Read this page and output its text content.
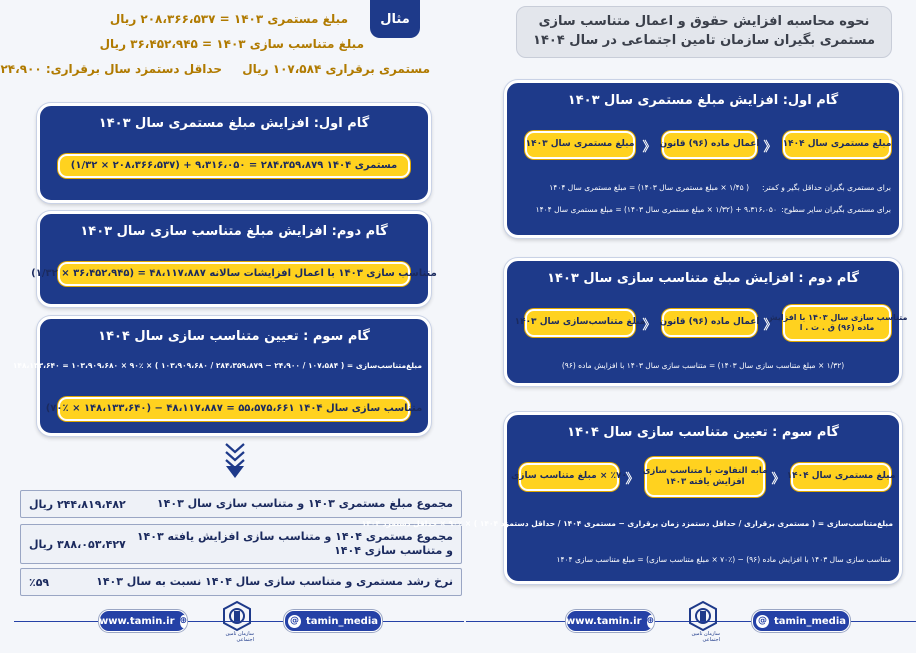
مثال
مبلغ مستمری ۱۴۰۳ = ۲۰۸،۳۶۶،۵۳۷ ریال
مبلغ متناسب سازی ۱۴۰۳ = ۳۶،۴۵۲،۹۴۵ ریال
مستمری برقراری ۱۰۷،۵۸۴ ریال
حداقل دستمزد سال برقراری: ۲۴،۹۰۰
گام اول: افزایش مبلغ مستمری سال ۱۴۰۳
مستمری ۱۴۰۴ ۲۸۴،۳۵۹،۸۷۹ = ۹،۳۱۶،۰۵۰ + (۲۰۸،۳۶۶،۵۳۷ × ۱/۳۲)
گام دوم: افزایش مبلغ متناسب سازی سال ۱۴۰۳
متناسب سازی ۱۴۰۳ با اعمال افزایشات سالانه ۴۸،۱۱۷،۸۸۷ = (۳۶،۴۵۲،۹۴۵ × ۱/۳۲)
گام سوم : تعیین متناسب سازی سال ۱۴۰۴
مبلغ‌متناسب‌سازی = ( ۱۰۷،۵۸۴ / ۲۴،۹۰۰ − ۲۸۴،۳۵۹،۸۷۹ / ۱۰۳،۹۰۹،۶۸۰ ) × ٪۹۰ × ۱۰۳،۹۰۹،۶۸۰ = ۱۴۸،۱۳۳،۶۴۰
متناسب سازی سال ۱۴۰۴ ۵۵،۵۷۵،۶۶۱ = ۴۸،۱۱۷،۸۸۷ − (۱۴۸،۱۳۳،۶۴۰ × ٪۷۰)
مجموع مبلغ مستمری ۱۴۰۳ و متناسب سازی سال ۱۴۰۳
۲۴۴،۸۱۹،۴۸۲ ریال
مجموع مستمری ۱۴۰۴ و متناسب سازی افزایش یافته ۱۴۰۳
و متناسب سازی ۱۴۰۴
۳۸۸،۰۵۳،۴۲۷ ریال
نرخ رشد مستمری و متناسب سازی سال ۱۴۰۴ نسبت به سال ۱۴۰۳
٪۵۹
www.tamin.ir ⊕
سازمان تامین اجتماعی
@ tamin_media
نحوه محاسبه افزایش حقوق و اعمال متناسب سازی
مستمری بگیران سازمان تامین اجتماعی در سال ۱۴۰۴
گام اول: افزایش مبلغ مستمری سال ۱۴۰۳
مبلغ مستمری سال ۱۴۰۴
《
اعمال ماده (۹۶) قانون
《
مبلغ مستمری سال ۱۴۰۳
برای مستمری بگیران حداقل بگیر و کمتر:
( ۱/۴۵ × مبلغ مستمری سال ۱۴۰۳) = مبلغ مستمری سال ۱۴۰۴
برای مستمری بگیران سایر سطوح:
۹،۳۱۶،۰۵۰ + (۱/۳۲ × مبلغ مستمری سال ۱۴۰۳) = مبلغ مستمری سال ۱۴۰۴
گام دوم : افزایش مبلغ متناسب سازی سال ۱۴۰۳
متناسب سازی سال ۱۴۰۳ با افزایش
ماده (۹۶) ق . ت . ا
《
اعمال ماده (۹۶) قانون
《
مبلغ متناسب‌سازی سال ۱۴۰۳
(۱/۳۲ × مبلغ متناسب سازی سال ۱۴۰۳) = متناسب سازی سال ۱۴۰۳ با افزایش ماده (۹۶)
گام سوم : تعیین متناسب سازی سال ۱۴۰۴
مبلغ مستمری سال ۱۴۰۴
《
مابه التفاوت با متناسب سازی
افزایش یافته ۱۴۰۳
《
٪۷۰ × مبلغ متناسب سازی
مبلغ‌متناسب‌سازی = ( مستمری برقراری / حداقل دستمزد زمان برقراری − مستمری ۱۴۰۴ / حداقل دستمزد ۱۴۰۴ ) × ٪۹۰ × حداقل دستمزد ۱۴۰۴
متناسب سازی سال ۱۴۰۳ با افزایش ماده (۹۶) − (٪۷۰ × مبلغ متناسب سازی) = مبلغ متناسب سازی ۱۴۰۴
www.tamin.ir ⊕
سازمان تامین اجتماعی
@ tamin_media
